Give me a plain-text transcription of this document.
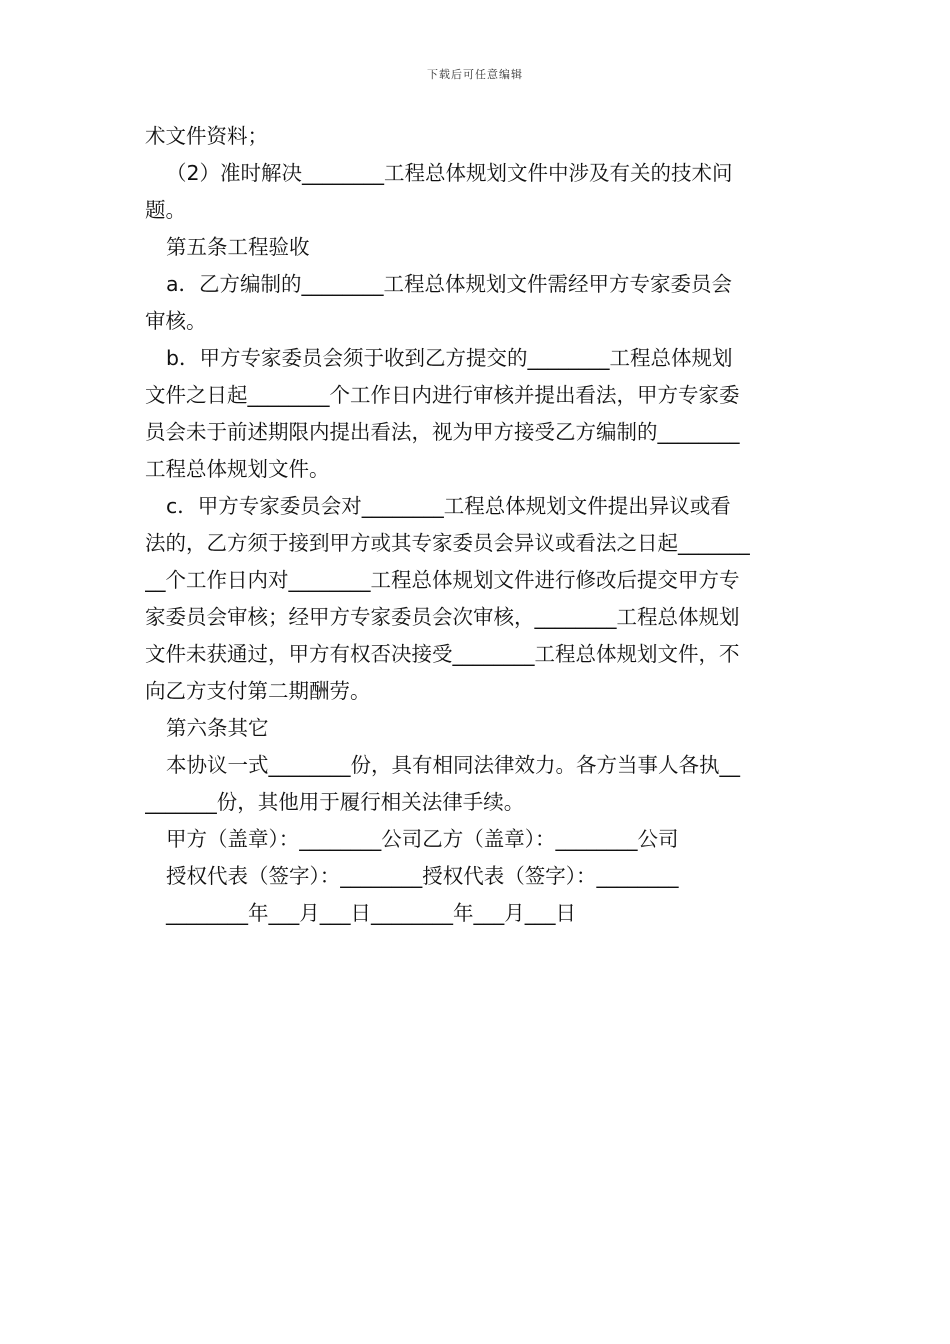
下载后可任意编辑
术文件资料；
（2）准时解决________工程总体规划文件中涉及有关的技术问
题。
第五条工程验收
a．乙方编制的________工程总体规划文件需经甲方专家委员会
审核。
b．甲方专家委员会须于收到乙方提交的________工程总体规划
文件之日起________个工作日内进行审核并提出看法，甲方专家委
员会未于前述期限内提出看法，视为甲方接受乙方编制的________
工程总体规划文件。
c．甲方专家委员会对________工程总体规划文件提出异议或看
法的，乙方须于接到甲方或其专家委员会异议或看法之日起_______
__个工作日内对________工程总体规划文件进行修改后提交甲方专
家委员会审核；经甲方专家委员会次审核，________工程总体规划
文件未获通过，甲方有权否决接受________工程总体规划文件，不
向乙方支付第二期酬劳。
第六条其它
本协议一式________份，具有相同法律效力。各方当事人各执__
_______份，其他用于履行相关法律手续。
甲方（盖章）：________公司乙方（盖章）：________公司
授权代表（签字）：________授权代表（签字）：________
________年___月___日________年___月___日
